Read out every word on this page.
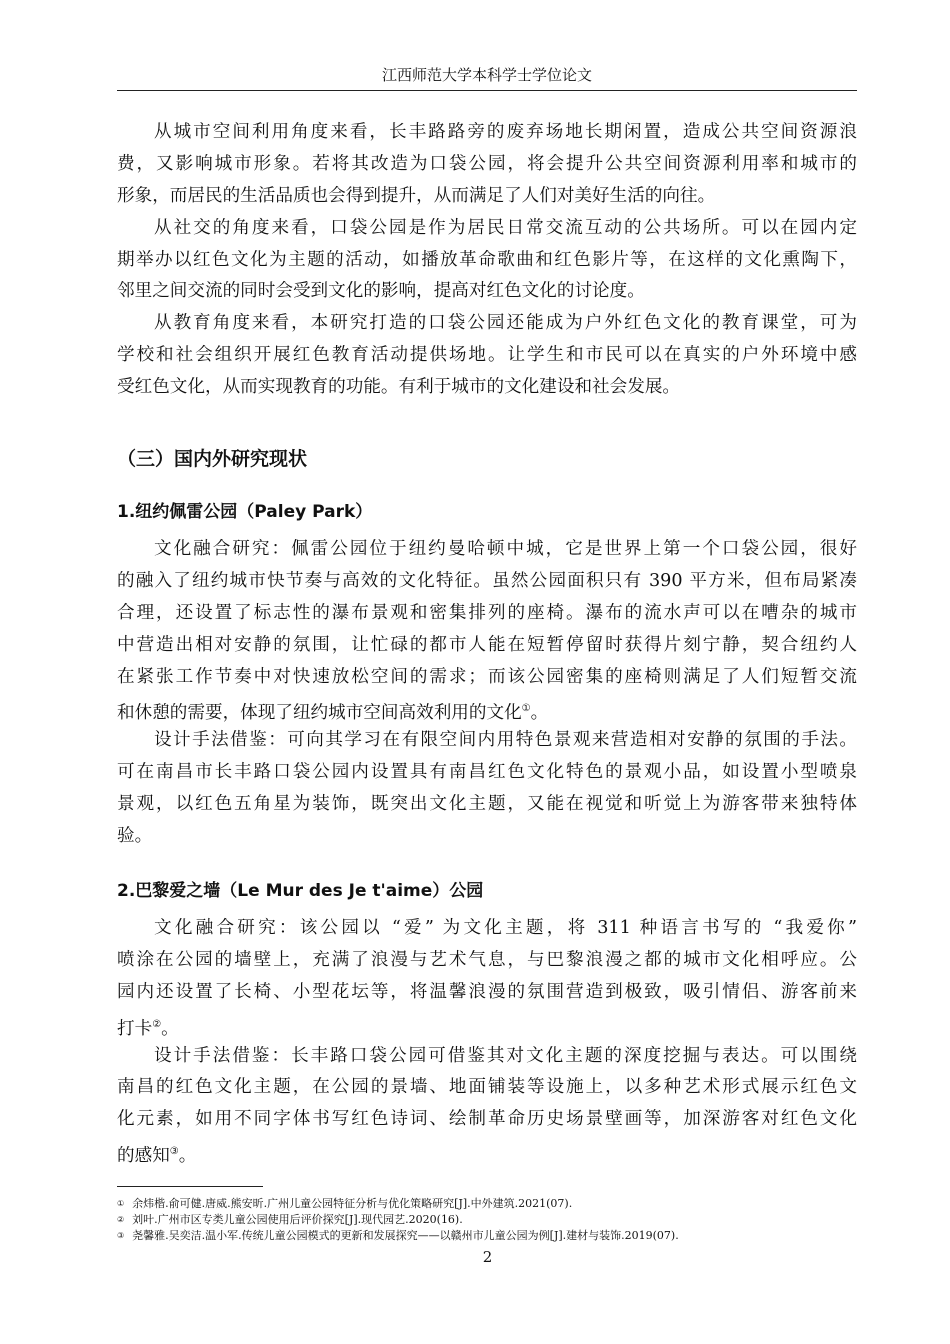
江西师范大学本科学士学位论文
从城市空间利用角度来看，长丰路路旁的废弃场地长期闲置，造成公共空间资源浪
费，又影响城市形象。若将其改造为口袋公园，将会提升公共空间资源利用率和城市的
形象，而居民的生活品质也会得到提升，从而满足了人们对美好生活的向往。
从社交的角度来看，口袋公园是作为居民日常交流互动的公共场所。可以在园内定
期举办以红色文化为主题的活动，如播放革命歌曲和红色影片等，在这样的文化熏陶下，
邻里之间交流的同时会受到文化的影响，提高对红色文化的讨论度。
从教育角度来看，本研究打造的口袋公园还能成为户外红色文化的教育课堂，可为
学校和社会组织开展红色教育活动提供场地。让学生和市民可以在真实的户外环境中感
受红色文化，从而实现教育的功能。有利于城市的文化建设和社会发展。
（三）国内外研究现状
1.纽约佩雷公园（Paley Park）
文化融合研究：佩雷公园位于纽约曼哈顿中城，它是世界上第一个口袋公园，很好
的融入了纽约城市快节奏与高效的文化特征。虽然公园面积只有 390 平方米，但布局紧凑
合理，还设置了标志性的瀑布景观和密集排列的座椅。瀑布的流水声可以在嘈杂的城市
中营造出相对安静的氛围，让忙碌的都市人能在短暂停留时获得片刻宁静，契合纽约人
在紧张工作节奏中对快速放松空间的需求；而该公园密集的座椅则满足了人们短暂交流
和休憩的需要，体现了纽约城市空间高效利用的文化①。
设计手法借鉴：可向其学习在有限空间内用特色景观来营造相对安静的氛围的手法。
可在南昌市长丰路口袋公园内设置具有南昌红色文化特色的景观小品，如设置小型喷泉
景观，以红色五角星为装饰，既突出文化主题，又能在视觉和听觉上为游客带来独特体
验。
2.巴黎爱之墙（Le Mur des Je t'aime）公园
文化融合研究：该公园以 “爱” 为文化主题，将 311 种语言书写的 “我爱你”
喷涂在公园的墙壁上，充满了浪漫与艺术气息，与巴黎浪漫之都的城市文化相呼应。公
园内还设置了长椅、小型花坛等，将温馨浪漫的氛围营造到极致，吸引情侣、游客前来
打卡②。
设计手法借鉴：长丰路口袋公园可借鉴其对文化主题的深度挖掘与表达。可以围绕
南昌的红色文化主题，在公园的景墙、地面铺装等设施上，以多种艺术形式展示红色文
化元素，如用不同字体书写红色诗词、绘制革命历史场景壁画等，加深游客对红色文化
的感知③。
① 余炜楷.俞可健.唐威.熊安昕.广州儿童公园特征分析与优化策略研究[J].中外建筑.2021(07).
② 刘叶.广州市区专类儿童公园使用后评价探究[J].现代园艺.2020(16).
③ 尧馨雅.吴奕洁.温小军.传统儿童公园模式的更新和发展探究——以赣州市儿童公园为例[J].建材与装饰.2019(07).
2
